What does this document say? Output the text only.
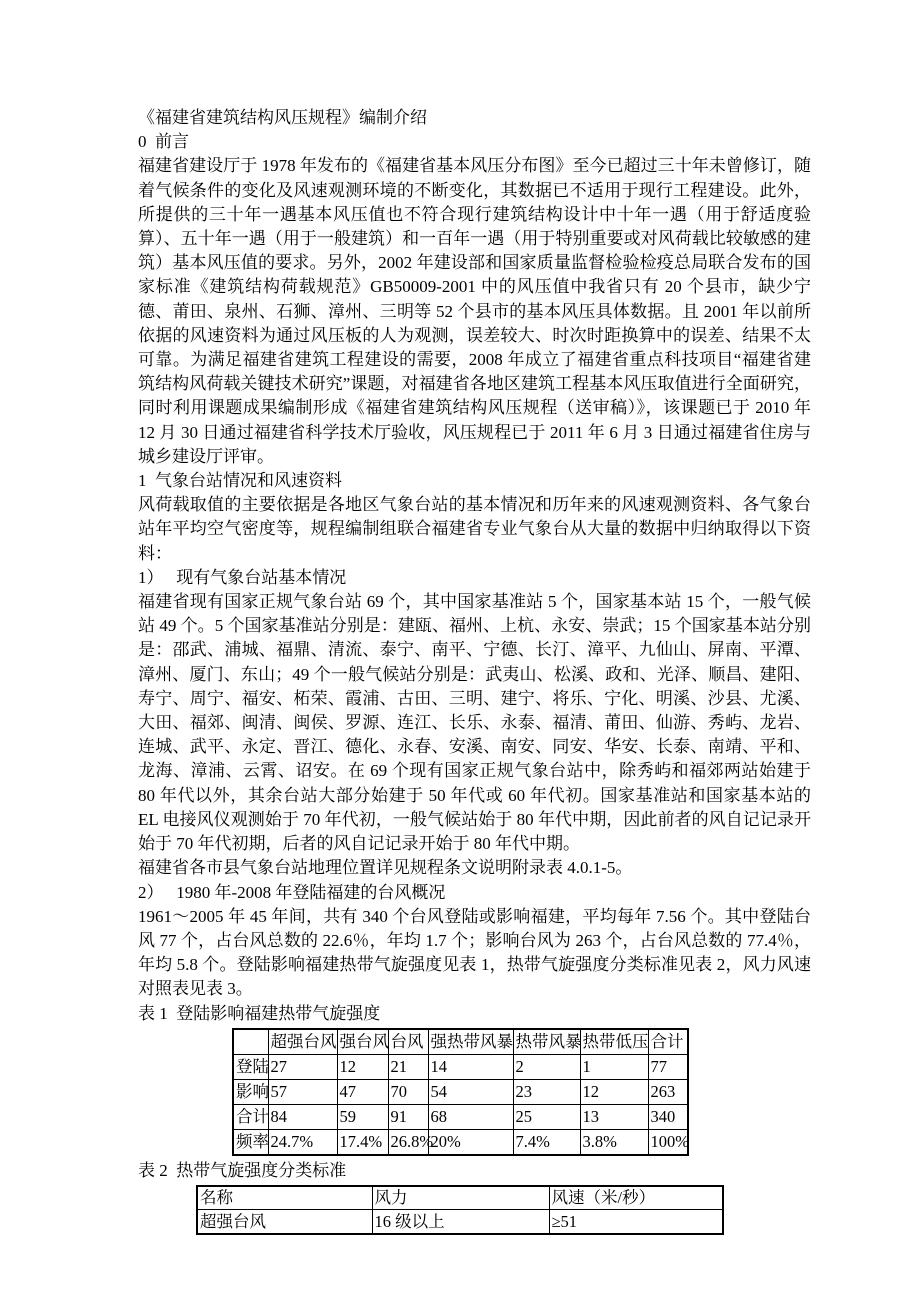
《福建省建筑结构风压规程》编制介绍

0  前言

福建省建设厅于 1978 年发布的《福建省基本风压分布图》至今已超过三十年未曾修订，随着气候条件的变化及风速观测环境的不断变化，其数据已不适用于现行工程建设。此外，所提供的三十年一遇基本风压值也不符合现行建筑结构设计中十年一遇（用于舒适度验算）、五十年一遇（用于一般建筑）和一百年一遇（用于特别重要或对风荷载比较敏感的建筑）基本风压值的要求。另外，2002 年建设部和国家质量监督检验检疫总局联合发布的国家标准《建筑结构荷载规范》GB50009-2001 中的风压值中我省只有 20 个县市，缺少宁德、莆田、泉州、石狮、漳州、三明等 52 个县市的基本风压具体数据。且 2001 年以前所依据的风速资料为通过风压板的人为观测，误差较大、时次时距换算中的误差、结果不太可靠。为满足福建省建筑工程建设的需要，2008 年成立了福建省重点科技项目“福建省建筑结构风荷载关键技术研究”课题，对福建省各地区建筑工程基本风压取值进行全面研究，同时利用课题成果编制形成《福建省建筑结构风压规程（送审稿）》，该课题已于 2010 年 12 月 30 日通过福建省科学技术厅验收，风压规程已于 2011 年 6 月 3 日通过福建省住房与城乡建设厅评审。

1  气象台站情况和风速资料

风荷载取值的主要依据是各地区气象台站的基本情况和历年来的风速观测资料、各气象台站年平均空气密度等，规程编制组联合福建省专业气象台从大量的数据中归纳取得以下资料：

1）   现有气象台站基本情况

福建省现有国家正规气象台站 69 个，其中国家基准站 5 个，国家基本站 15 个，一般气候站 49 个。5 个国家基准站分别是：建瓯、福州、上杭、永安、崇武；15 个国家基本站分别是：邵武、浦城、福鼎、清流、泰宁、南平、宁德、长汀、漳平、九仙山、屏南、平潭、漳州、厦门、东山；49 个一般气候站分别是：武夷山、松溪、政和、光泽、顺昌、建阳、寿宁、周宁、福安、柘荣、霞浦、古田、三明、建宁、将乐、宁化、明溪、沙县、尤溪、大田、福郊、闽清、闽侯、罗源、连江、长乐、永泰、福清、莆田、仙游、秀屿、龙岩、连城、武平、永定、晋江、德化、永春、安溪、南安、同安、华安、长泰、南靖、平和、龙海、漳浦、云霄、诏安。在 69 个现有国家正规气象台站中，除秀屿和福郊两站始建于 80 年代以外，其余台站大部分始建于 50 年代或 60 年代初。国家基准站和国家基本站的 EL 电接风仪观测始于 70 年代初，一般气候站始于 80 年代中期，因此前者的风自记记录开始于 70 年代初期，后者的风自记记录开始于 80 年代中期。

福建省各市县气象台站地理位置详见规程条文说明附录表 4.0.1-5。

2）   1980 年-2008 年登陆福建的台风概况

1961～2005 年 45 年间，共有 340 个台风登陆或影响福建，平均每年 7.56 个。其中登陆台风 77 个，占台风总数的 22.6％，年均 1.7 个；影响台风为 263 个，占台风总数的 77.4％，年均 5.8 个。登陆影响福建热带气旋强度见表 1，热带气旋强度分类标准见表 2，风力风速对照表见表 3。

表 1  登陆影响福建热带气旋强度

	超强台风	强台风	台风	强热带风暴	热带风暴	热带低压	合计
登陆	27	12	21	14	2	1	77
影响	57	47	70	54	23	12	263
合计	84	59	91	68	25	13	340
频率	24.7%	17.4%	26.8%	20%	7.4%	3.8%	100%

表 2  热带气旋强度分类标准

名称	风力	风速（米/秒）
超强台风	16 级以上	≥51
